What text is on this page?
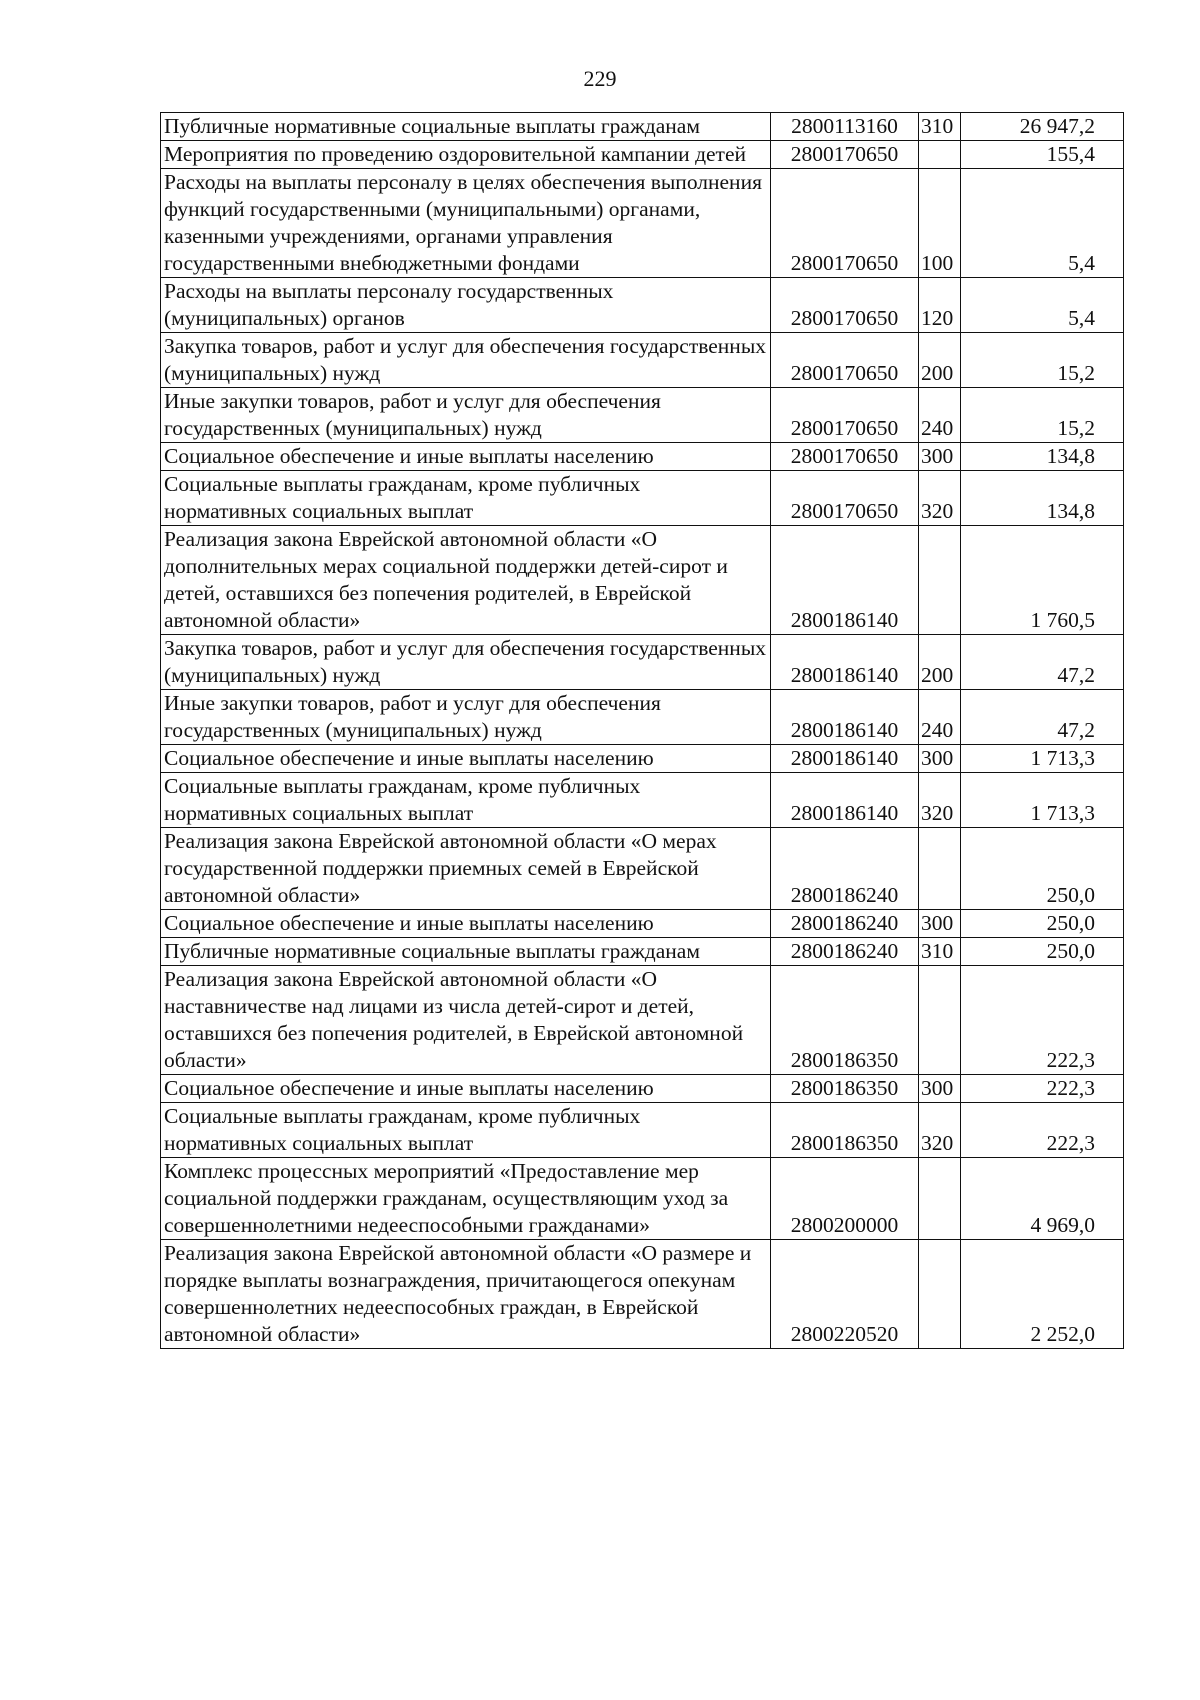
229
Публичные нормативные социальные выплаты гражданам	2800113160	310	26 947,2
Мероприятия по проведению оздоровительной кампании детей	2800170650		155,4
Расходы на выплаты персоналу в целях обеспечения выполнения функций государственными (муниципальными) органами, казенными учреждениями, органами управления государственными внебюджетными фондами	2800170650	100	5,4
Расходы на выплаты персоналу государственных (муниципальных) органов	2800170650	120	5,4
Закупка товаров, работ и услуг для обеспечения государственных (муниципальных) нужд	2800170650	200	15,2
Иные закупки товаров, работ и услуг для обеспечения государственных (муниципальных) нужд	2800170650	240	15,2
Социальное обеспечение и иные выплаты населению	2800170650	300	134,8
Социальные выплаты гражданам, кроме публичных нормативных социальных выплат	2800170650	320	134,8
Реализация закона Еврейской автономной области «О дополнительных мерах социальной поддержки детей-сирот и детей, оставшихся без попечения родителей, в Еврейской автономной области»	2800186140		1 760,5
Закупка товаров, работ и услуг для обеспечения государственных (муниципальных) нужд	2800186140	200	47,2
Иные закупки товаров, работ и услуг для обеспечения государственных (муниципальных) нужд	2800186140	240	47,2
Социальное обеспечение и иные выплаты населению	2800186140	300	1 713,3
Социальные выплаты гражданам, кроме публичных нормативных социальных выплат	2800186140	320	1 713,3
Реализация закона Еврейской автономной области «О мерах государственной поддержки приемных семей в Еврейской автономной области»	2800186240		250,0
Социальное обеспечение и иные выплаты населению	2800186240	300	250,0
Публичные нормативные социальные выплаты гражданам	2800186240	310	250,0
Реализация закона Еврейской автономной области «О наставничестве над лицами из числа детей-сирот и детей, оставшихся без попечения родителей, в Еврейской автономной области»	2800186350		222,3
Социальное обеспечение и иные выплаты населению	2800186350	300	222,3
Социальные выплаты гражданам, кроме публичных нормативных социальных выплат	2800186350	320	222,3
Комплекс процессных мероприятий «Предоставление мер социальной поддержки гражданам, осуществляющим уход за совершеннолетними недееспособными гражданами»	2800200000		4 969,0
Реализация закона Еврейской автономной области «О размере и порядке выплаты вознаграждения, причитающегося опекунам совершеннолетних недееспособных граждан, в Еврейской автономной области»	2800220520		2 252,0
